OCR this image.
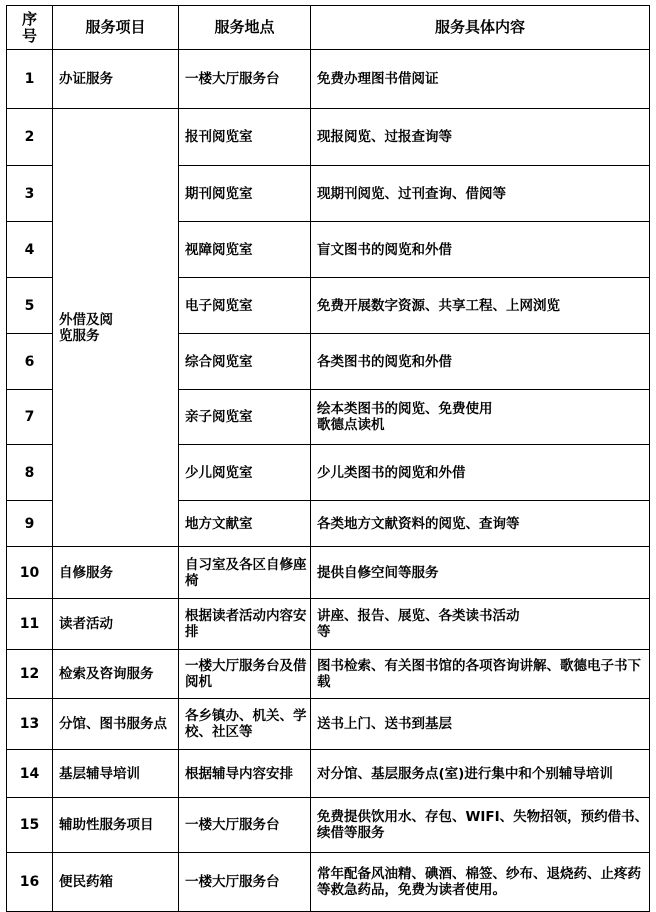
序号	服务项目	服务地点	服务具体内容
1	办证服务	一楼大厅服务台	免费办理图书借阅证
2	外借及阅览服务	报刊阅览室	现报阅览、过报查询等
3		期刊阅览室	现期刊阅览、过刊查询、借阅等
4		视障阅览室	盲文图书的阅览和外借
5		电子阅览室	免费开展数字资源、共享工程、上网浏览
6		综合阅览室	各类图书的阅览和外借
7		亲子阅览室	绘本类图书的阅览、免费使用歌德点读机
8		少儿阅览室	少儿类图书的阅览和外借
9		地方文献室	各类地方文献资料的阅览、查询等
10	自修服务	自习室及各区自修座椅	提供自修空间等服务
11	读者活动	根据读者活动内容安排	讲座、报告、展览、各类读书活动等
12	检索及咨询服务	一楼大厅服务台及借阅机	图书检索、有关图书馆的各项咨询讲解、歌德电子书下载
13	分馆、图书服务点	各乡镇办、机关、学校、社区等	送书上门、送书到基层
14	基层辅导培训	根据辅导内容安排	对分馆、基层服务点(室)进行集中和个别辅导培训
15	辅助性服务项目	一楼大厅服务台	免费提供饮用水、存包、WIFI、失物招领，预约借书、续借等服务
16	便民药箱	一楼大厅服务台	常年配备风油精、碘酒、棉签、纱布、退烧药、止疼药等救急药品，免费为读者使用。
